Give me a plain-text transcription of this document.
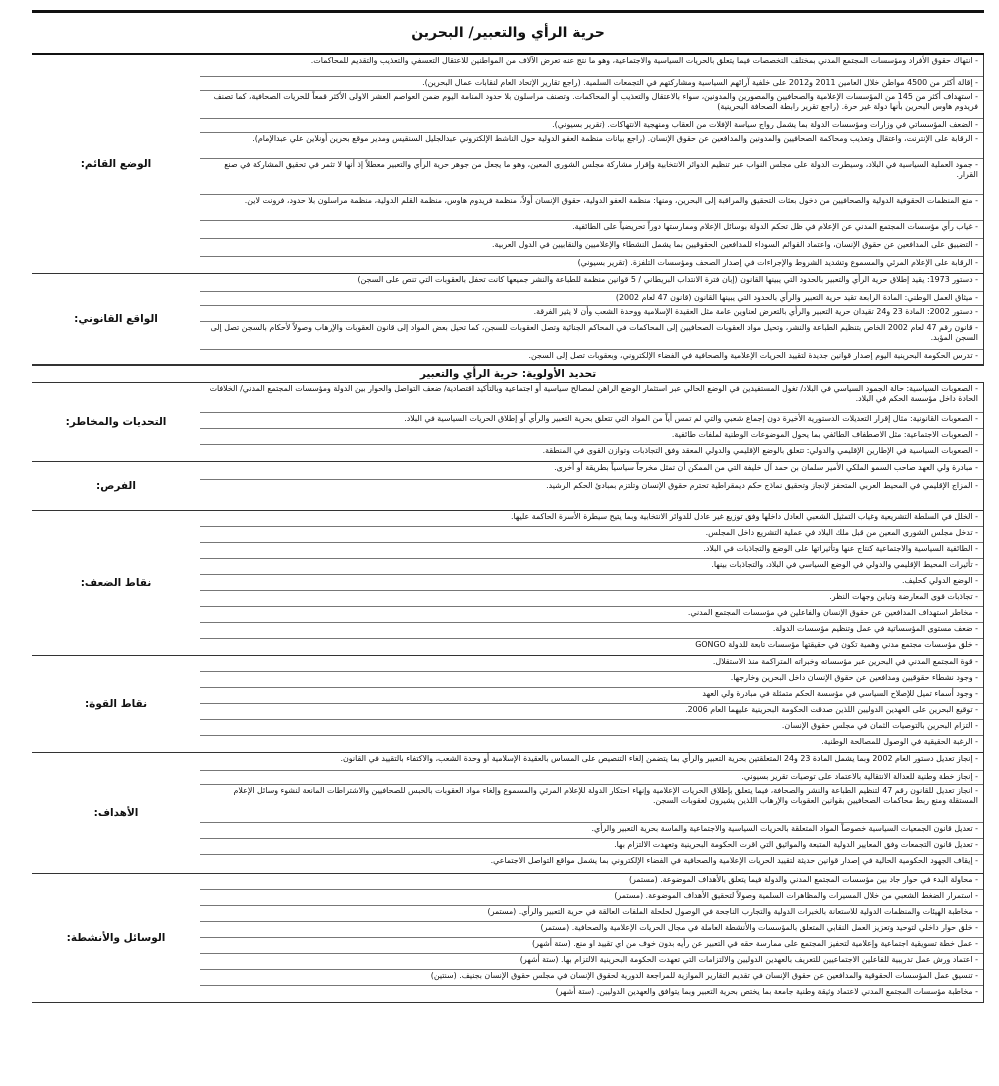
حرية الرأي والتعبير/ البحرين
- انتهاك حقوق الأفراد ومؤسسات المجتمع المدني بمختلف التخصصات فيما يتعلق بالحريات السياسية والاجتماعية، وهو ما نتج عنه تعرض الآلاف من المواطنين للاعتقال التعسفي والتعذيب والتقديم للمحاكمات.
- إقالة أكثر من 4500 مواطن خلال العامين 2011 و2012 على خلفية آرائهم السياسية ومشاركتهم في التجمعات السلمية. (راجع تقارير الإتحاد العام لنقابات عمال البحرين).
- استهداف أكثر من 145 من المؤسسات الإعلامية والصحافيين والمصورين والمدونين، سواء بالاعتقال والتعذيب أو المحاكمات. وتصنف مراسلون بلا حدود المنامة اليوم ضمن العواصم العشر الاولى الأكثر قمعاً للحريات الصحافية، كما تصنف فريدوم هاوس البحرين بأنها دولة غير حرة. (راجع تقرير رابطة الصحافة البحرينية)
- الضعف المؤسساتي في وزارات ومؤسسات الدولة بما يشمل رواج سياسة الإفلات من العقاب ومنهجية الانتهاكات. (تقرير بسيوني).
- الرقابة على الإنترنت، واعتقال وتعذيب ومحاكمة الصحافيين والمدونين والمدافعين عن حقوق الإنسان. (راجع بيانات منظمة العفو الدولية حول الناشط الإلكتروني عبدالجليل السنقيس ومدير موقع بحرين أونلاين علي عبدالإمام).
- جمود العملية السياسية في البلاد، وسيطرت الدولة على مجلس النواب عبر تنظيم الدوائر الانتخابية وإقرار مشاركة مجلس الشورى المعين، وهو ما يجعل من جوهر حرية الرأي والتعبير معطلاً إذ أنها لا تثمر في تحقيق المشاركة في صنع القرار.
- منع المنظمات الحقوقية الدولية والصحافيين من دخول بعثات التحقيق والمراقبة إلى البحرين، ومنها: منظمة العفو الدولية، حقوق الإنسان أولاً، منظمة فريدوم هاوس، منظمة القلم الدولية، منظمة مراسلون بلا حدود، فرونت لاين.
- غياب رأي مؤسسات المجتمع المدني عن الإعلام في ظل تحكم الدولة بوسائل الإعلام وممارستها دوراً تحريضياً على الطائفية.
- التضييق على المدافعين عن حقوق الإنسان، واعتماد القوائم السوداء للمدافعين الحقوقيين بما يشمل النشطاء والإعلاميين والنقابيين في الدول العربية.
- الرقابة على الإعلام المرئي والمسموع وتشديد الشروط والإجراءات في إصدار الصحف ومؤسسات التلفزة. (تقرير بسيوني)
الوضع القائم:
- دستور 1973: يقيد إطلاق حرية الرأي والتعبير بالحدود التي يبينها القانون (إبان فترة الانتداب البريطاني / 5 قوانين منظمة للطباعة والنشر جميعها كانت تحفل بالعقوبات التي تنص على السجن)
- ميثاق العمل الوطني: المادة الرابعة تقيد حرية التعبير والرأي بالحدود التي يبينها القانون (قانون 47 لعام 2002)
- دستور 2002: المادة 23 و24 تقيدان حرية التعبير والرأي بالتعرض لعناوين عامة مثل العقيدة الإسلامية ووحدة الشعب وأن لا يثير الفرقة.
- قانون رقم 47 لعام 2002 الخاص بتنظيم الطباعة والنشر، وتحيل مواد العقوبات الصحافيين إلى المحاكمات في المحاكم الجنائية وتصل العقوبات للسجن، كما تحيل بعض المواد إلى قانون العقوبات والإرهاب وصولاً لأحكام بالسجن تصل إلى السجن المؤبد.
- تدرس الحكومة البحرينية اليوم إصدار قوانين جديدة لتقييد الحريات الإعلامية والصحافية في الفضاء الإلكتروني، وبعقوبات تصل إلى السجن.
الواقع القانوني:
تحديد الأولوية: حرية الرأي والتعبير
- الصعوبات السياسية: حالة الجمود السياسي في البلاد/ تغول المستفيدين في الوضع الحالي عبر استثمار الوضع الراهن لمصالح سياسية أو اجتماعية وبالتأكيد اقتصادية/ ضعف التواصل والحوار بين الدولة ومؤسسات المجتمع المدني/ الخلافات الحادة داخل مؤسسة الحكم في البلاد.
- الصعوبات القانونية: مثال إقرار التعديلات الدستورية الأخيرة دون إجماع شعبي والتي لم تمس أياً من المواد التي تتعلق بحرية التعبير والرأي أو إطلاق الحريات السياسية في البلاد.
- الصعوبات الاجتماعية: مثل الاصطفاف الطائفي بما يحول الموضوعات الوطنية لملفات طائفية.
- الصعوبات السياسية في الإطارين الإقليمي والدولي: تتعلق بالوضع الإقليمي والدولي المعقد وفق التجاذبات وتوازن القوى في المنطقة.
التحديات والمخاطر:
- مبادرة ولي العهد صاحب السمو الملكي الأمير سلمان بن حمد آل خليفة التي من الممكن أن تمثل مخرجاً سياسياً بطريقة أو أخرى.
- المزاج الإقليمي في المحيط العربي المتحفز لإنجاز وتحقيق نماذج حكم ديمقراطية تحترم حقوق الإنسان وتلتزم بمبادئ الحكم الرشيد.
الفرص:
- الخلل في السلطة التشريعية وغياب التمثيل الشعبي العادل داخلها وفق توزيع غير عادل للدوائر الانتخابية وبما يتيح سيطرة الأسرة الحاكمة عليها.
- تدخل مجلس الشورى المعين من قبل ملك البلاد في عملية التشريع داخل المجلس.
- الطائفية السياسية والاجتماعية كنتاج عنها وتأثيراتها على الوضع والتجاذبات في البلاد.
- تأثيرات المحيط الإقليمي والدولي في الوضع السياسي في البلاد، والتجاذبات بينها.
- الوضع الدولي كحليف.
- تجاذبات قوى المعارضة وتباين وجهات النظر.
- مخاطر استهداف المدافعين عن حقوق الإنسان والفاعلين في مؤسسات المجتمع المدني.
- ضعف مستوى المؤسساتية في عمل وتنظيم مؤسسات الدولة.
- خلق مؤسسات مجتمع مدني وهمية تكون في حقيقتها مؤسسات تابعة للدولة GONGO
نقاط الضعف:
- قوة المجتمع المدني في البحرين عبر مؤسساته وخبراته المتراكمة منذ الاستقلال.
- وجود نشطاء حقوقيين ومدافعين عن حقوق الإنسان داخل البحرين وخارجها.
- وجود أسماء تميل للإصلاح السياسي في مؤسسة الحكم متمثلة في مبادرة ولي العهد
- توقيع البحرين على العهدين الدوليين اللذين صدقت الحكومة البحرينية عليهما العام 2006.
- التزام البحرين بالتوصيات الثمان في مجلس حقوق الإنسان.
- الرغبة الحقيقية في الوصول للمصالحة الوطنية.
نقاط القوة:
- إنجاز تعديل دستور العام 2002 وبما يشمل المادة 23 و24 المتعلقتين بحرية التعبير والرأي بما يتضمن إلغاء التنصيص على المساس بالعقيدة الإسلامية أو وحدة الشعب، والاكتفاء بالتقييد في القانون.
- إنجاز خطة وطنية للعدالة الانتقالية بالاعتماد على توصيات تقرير بسيوني.
- انجاز تعديل للقانون رقم 47 لتنظيم الطباعة والنشر والصحافة، فيما يتعلق بإطلاق الحريات الإعلامية وإنهاء احتكار الدولة للإعلام المرئي والمسموع وإلغاء مواد العقوبات بالحبس للصحافيين والاشتراطات المانعة لنشوء وسائل الإعلام المستقلة ومنع ربط محاكمات الصحافيين بقوانين العقوبات والإرهاب اللذين يشيرون لعقوبات السجن.
- تعديل قانون الجمعيات السياسية خصوصاً المواد المتعلقة بالحريات السياسية والاجتماعية والماسة بحرية التعبير والرأي.
- تعديل قانون التجمعات وفق المعايير الدولية المتبعة والمواثيق التي اقرت الحكومة البحرينية وتعهدت الالتزام بها.
- إيقاف الجهود الحكومية الحالية في إصدار قوانين حديثة لتقييد الحريات الإعلامية والصحافية في الفضاء الإلكتروني بما يشمل مواقع التواصل الاجتماعي.
الأهداف:
- محاولة البدء في حوار جاد بين مؤسسات المجتمع المدني والدولة فيما يتعلق بالأهداف الموضوعة. (مستمر)
- استمرار الضغط الشعبي من خلال المسيرات والمظاهرات السلمية وصولاً لتحقيق الأهداف الموضوعة. (مستمر)
- مخاطبة الهيئات والمنظمات الدولية للاستعانة بالخبرات الدولية والتجارب الناجحة في الوصول لحلحلة الملفات العالقة في حرية التعبير والرأي. (مستمر)
- خلق حوار داخلي لتوحيد وتعزيز العمل النقابي المتعلق بالمؤسسات والأنشطة العاملة في مجال الحريات الإعلامية والصحافية. (مستمر)
- عمل خطة تسويقية اجتماعية وإعلامية لتحفيز المجتمع على ممارسة حقه في التعبير عن رأيه بدون خوف من اي تقييد او منع. (ستة أشهر)
- اعتماد ورش عمل تدريبية للفاعلين الاجتماعيين للتعريف بالعهدين الدوليين والالتزامات التي تعهدت الحكومة البحرينية الالتزام بها. (ستة أشهر)
- تنسيق عمل المؤسسات الحقوقية والمدافعين عن حقوق الإنسان في تقديم التقارير الموازية للمراجعة الدورية لحقوق الإنسان في مجلس حقوق الإنسان بجنيف. (سنتين)
- مخاطبة مؤسسات المجتمع المدني لاعتماد وثيقة وطنية جامعة بما يختص بحرية التعبير وبما يتوافق والعهدين الدوليين. (ستة أشهر)
الوسائل والأنشطة:
